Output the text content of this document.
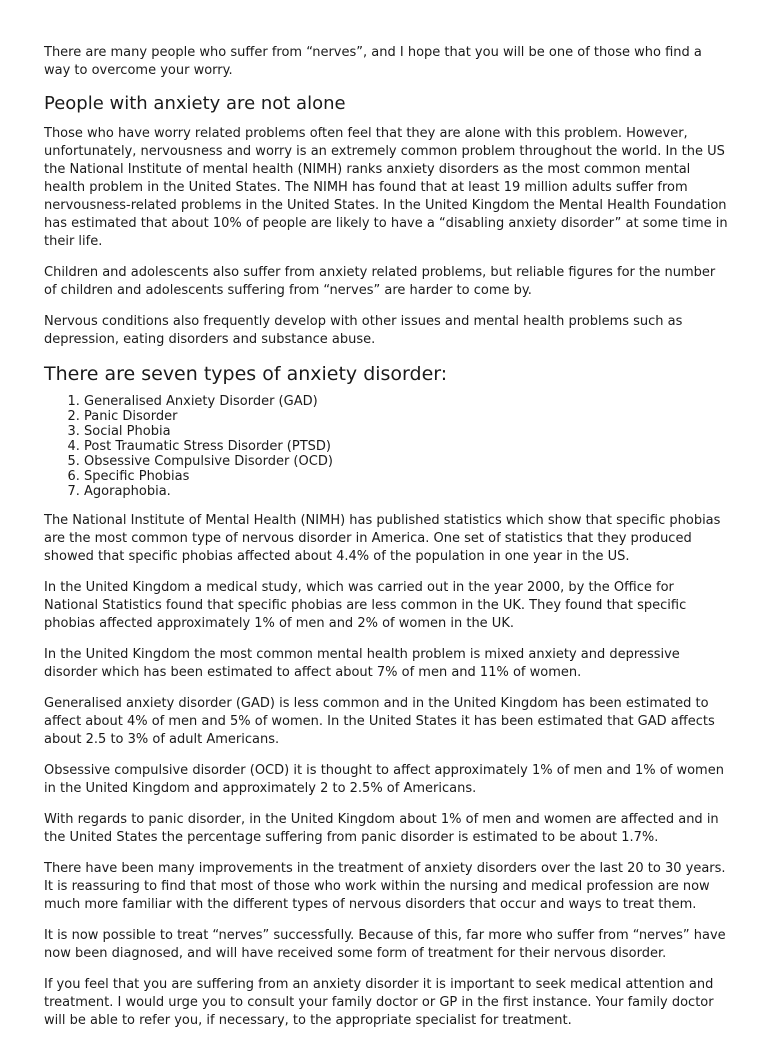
There are many people who suffer from “nerves”, and I hope that you will be one of those who find a way to overcome your worry.

People with anxiety are not alone

Those who have worry related problems often feel that they are alone with this problem. However, unfortunately, nervousness and worry is an extremely common problem throughout the world. In the US the National Institute of mental health (NIMH) ranks anxiety disorders as the most common mental health problem in the United States. The NIMH has found that at least 19 million adults suffer from nervousness-related problems in the United States. In the United Kingdom the Mental Health Foundation has estimated that about 10% of people are likely to have a “disabling anxiety disorder” at some time in their life.

Children and adolescents also suffer from anxiety related problems, but reliable figures for the number of children and adolescents suffering from “nerves” are harder to come by.

Nervous conditions also frequently develop with other issues and mental health problems such as depression, eating disorders and substance abuse.

There are seven types of anxiety disorder:
1. Generalised Anxiety Disorder (GAD)
2. Panic Disorder
3. Social Phobia
4. Post Traumatic Stress Disorder (PTSD)
5. Obsessive Compulsive Disorder (OCD)
6. Specific Phobias
7. Agoraphobia.

The National Institute of Mental Health (NIMH) has published statistics which show that specific phobias are the most common type of nervous disorder in America. One set of statistics that they produced showed that specific phobias affected about 4.4% of the population in one year in the US.

In the United Kingdom a medical study, which was carried out in the year 2000, by the Office for National Statistics found that specific phobias are less common in the UK. They found that specific phobias affected approximately 1% of men and 2% of women in the UK.

In the United Kingdom the most common mental health problem is mixed anxiety and depressive disorder which has been estimated to affect about 7% of men and 11% of women.

Generalised anxiety disorder (GAD) is less common and in the United Kingdom has been estimated to affect about 4% of men and 5% of women. In the United States it has been estimated that GAD affects about 2.5 to 3% of adult Americans.

Obsessive compulsive disorder (OCD) it is thought to affect approximately 1% of men and 1% of women in the United Kingdom and approximately 2 to 2.5% of Americans.

With regards to panic disorder, in the United Kingdom about 1% of men and women are affected and in the United States the percentage suffering from panic disorder is estimated to be about 1.7%.

There have been many improvements in the treatment of anxiety disorders over the last 20 to 30 years. It is reassuring to find that most of those who work within the nursing and medical profession are now much more familiar with the different types of nervous disorders that occur and ways to treat them.

It is now possible to treat “nerves” successfully. Because of this, far more who suffer from “nerves” have now been diagnosed, and will have received some form of treatment for their nervous disorder.

If you feel that you are suffering from an anxiety disorder it is important to seek medical attention and treatment. I would urge you to consult your family doctor or GP in the first instance. Your family doctor will be able to refer you, if necessary, to the appropriate specialist for treatment.
